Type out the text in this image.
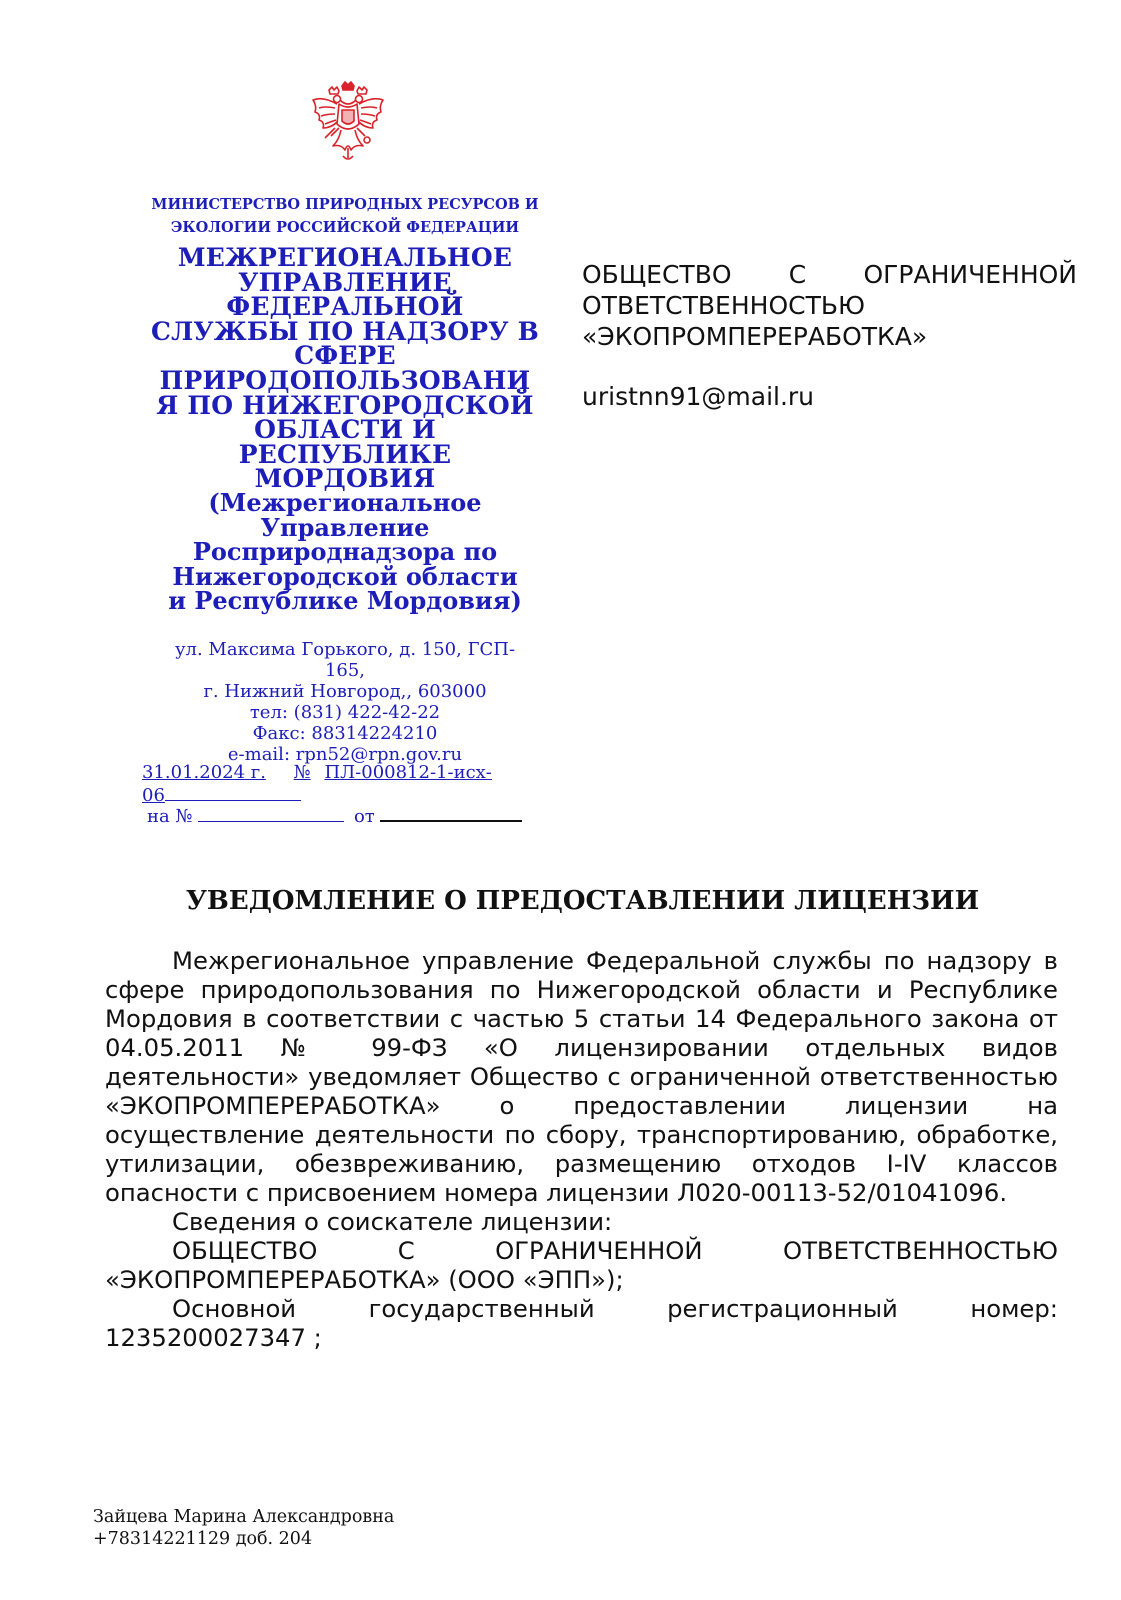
МИНИСТЕРСТВО ПРИРОДНЫХ РЕСУРСОВ И ЭКОЛОГИИ РОССИЙСКОЙ ФЕДЕРАЦИИ
МЕЖРЕГИОНАЛЬНОЕ
УПРАВЛЕНИЕ
ФЕДЕРАЛЬНОЙ
СЛУЖБЫ ПО НАДЗОРУ В
СФЕРЕ
ПРИРОДОПОЛЬЗОВАНИ
Я ПО НИЖЕГОРОДСКОЙ
ОБЛАСТИ И
РЕСПУБЛИКЕ
МОРДОВИЯ
(Межрегиональное
Управление
Росприроднадзора по
Нижегородской области
и Республике Мордовия)
ул. Максима Горького, д. 150, ГСП-
165,
г. Нижний Новгород,, 603000
тел: (831) 422-42-22
Факс: 88314224210
e-mail: rpn52@rpn.gov.ru
31.01.2024 г. № ПЛ-000812-1-исх-
06
на №	от
ОБЩЕСТВО С ОГРАНИЧЕННОЙ
ОТВЕТСТВЕННОСТЬЮ
«ЭКОПРОМПЕРЕРАБОТКА»
uristnn91@mail.ru
УВЕДОМЛЕНИЕ О ПРЕДОСТАВЛЕНИИ ЛИЦЕНЗИИ

Межрегиональное управление Федеральной службы по надзору в сфере природопользования по Нижегородской области и Республике Мордовия в соответствии с частью 5 статьи 14 Федерального закона от 04.05.2011 № 99-ФЗ «О лицензировании отдельных видов деятельности» уведомляет Общество с ограниченной ответственностью «ЭКОПРОМПЕРЕРАБОТКА» о предоставлении лицензии на осуществление деятельности по сбору, транспортированию, обработке, утилизации, обезвреживанию, размещению отходов I-IV классов опасности с присвоением номера лицензии Л020-00113-52/01041096.

Сведения о соискателе лицензии:

ОБЩЕСТВО С ОГРАНИЧЕННОЙ ОТВЕТСТВЕННОСТЬЮ «ЭКОПРОМПЕРЕРАБОТКА» (ООО «ЭПП»);

Основной государственный регистрационный номер: 1235200027347 ;

Зайцева Марина Александровна
+78314221129 доб. 204
